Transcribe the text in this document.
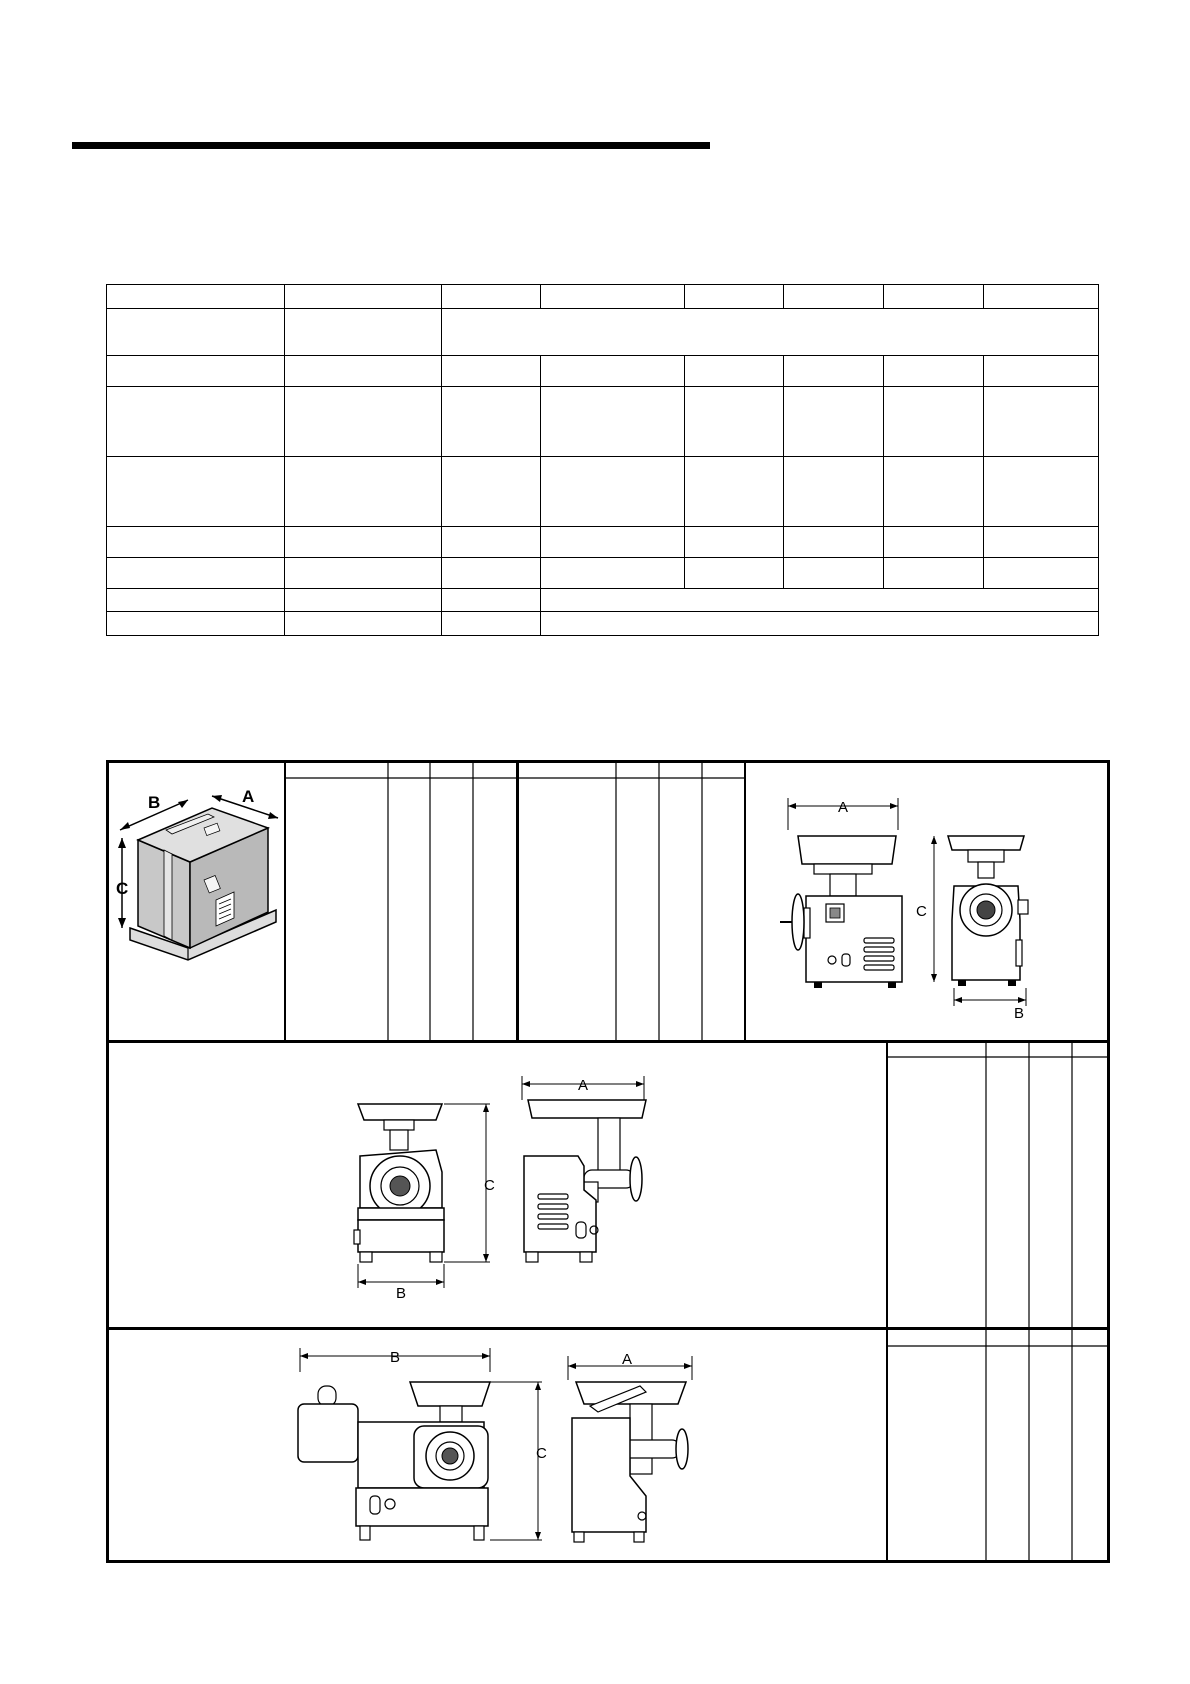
B	A
C
A
C
B
C
B
A
B
C
A
